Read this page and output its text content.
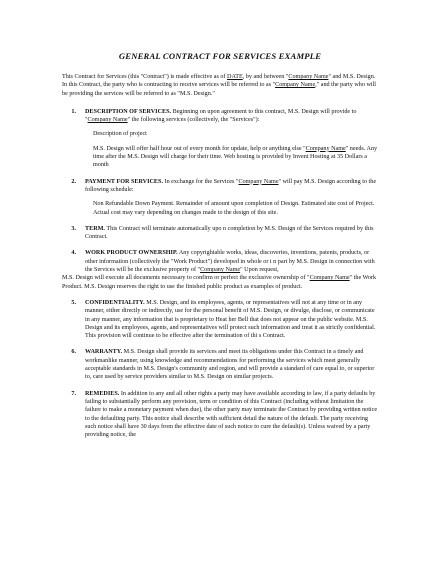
GENERAL CONTRACT FOR SERVICES EXAMPLE

This Contract for Services (this "Contract") is made effective as of DATE, by and between "Company Name" and M.S. Design. In this Contract, the party who is contracting to receive services will be referred to as "Company Name," and the party who will be providing the services will be referred to as "M.S. Design."

1. DESCRIPTION OF SERVICES. Beginning on upon agreement to this contract, M.S. Design will provide to "Company Name" the following services (collectively, the "Services"):

Description of project

M.S. Design will offer half hour out of every month for update, help or anything else "Company Name" needs. Any time after the M.S. Design will charge for their time. Web hosting is provided by Invent Hosting at 35 Dollars a month

2. PAYMENT FOR SERVICES. In exchange for the Services "Company Name" will pay M.S. Design according to the following schedule:

Non Refundable Down Payment. Remainder of amount upon completion of Design. Estimated site cost of Project. Actual cost may vary depending on changes made to the design of this site.

3. TERM. This Contract will terminate automatically upo n completion by M.S. Design of the Services required by this Contract.

4. WORK PRODUCT OWNERSHIP. Any copyrightable works, ideas, discoveries, inventions, patents, products, or other information (collectively the "Work Product") developed in whole or i n part by M.S. Design in connection with the Services will be the exclusive property of "Company Name" Upon request,

M.S. Design will execute all documents necessary to confirm or perfect the exclusive ownership of "Company Name" the Work Product. M.S. Design reserves the right to use the finished public product as examples of product.

5. CONFIDENTIALITY. M.S. Design, and its employees, agents, or representatives will not at any time or in any manner, either directly or indirectly, use for the personal benefit of M.S. Design, or divulge, disclose, or communicate in any manner, any information that is proprietary to Heat her Bell that does not appear on the public website. M.S. Design and its employees, agents, and representatives will protect such information and treat it as strictly confidential. This provision will continue to be effective after the termination of thi s Contract.

6. WARRANTY. M.S. Design shall provide its services and meet its obligations under this Contract in a timely and workmanlike manner, using knowledge and recommendations for performing the services which meet generally acceptable standards in M.S. Design's community and region, and will provide a standard of care equal to, or superior to, care used by service providers similar to M.S. Design on similar projects.

7. REMEDIES. In addition to any and all other rights a party may have available according to law, if a party defaults by failing to substantially perform any provision, term or condition of this Contract (including without limitation the failure to make a monetary payment when due), the other party may terminate the Contract by providing written notice to the defaulting party. This notice shall describe with sufficient detail the nature of the default. The party receiving such notice shall have 30 days from the effective date of such notice to cure the default(s). Unless waived by a party providing notice, the
